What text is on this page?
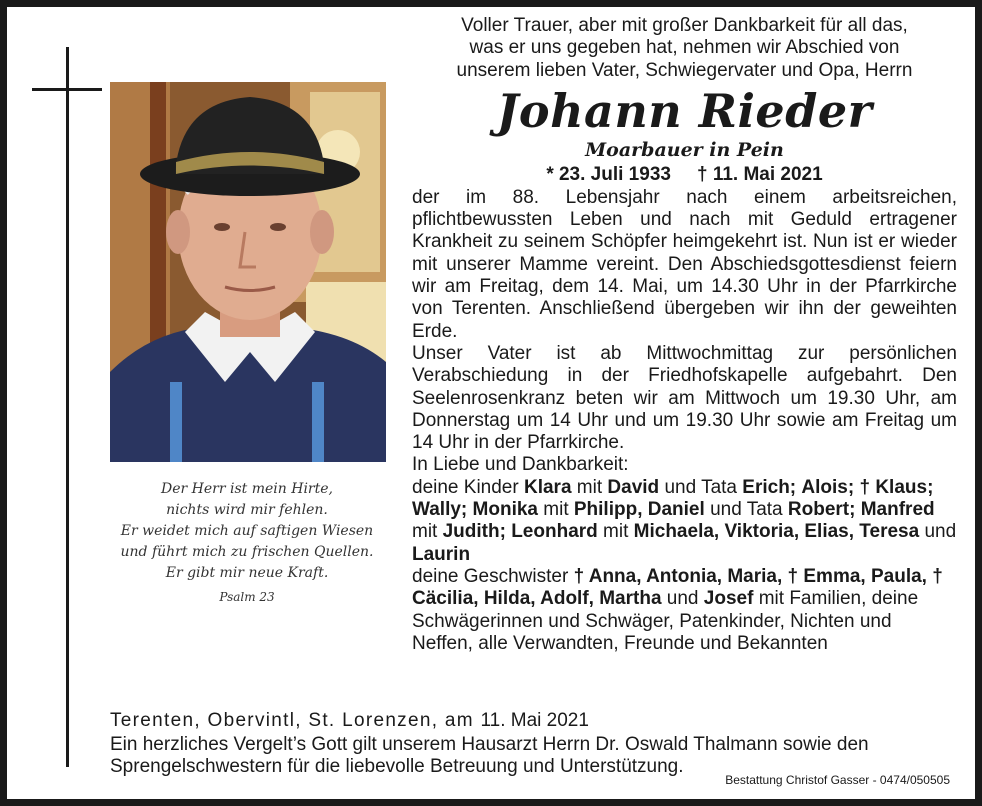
Der Herr ist mein Hirte,
nichts wird mir fehlen.
Er weidet mich auf saftigen Wiesen
und führt mich zu frischen Quellen.
Er gibt mir neue Kraft.
Psalm 23

Voller Trauer, aber mit großer Dankbarkeit für all das,

was er uns gegeben hat, nehmen wir Abschied von

unserem lieben Vater, Schwiegervater und Opa, Herrn

Johann Rieder
Moarbauer in Pein
* 23. Juli 1933 † 11. Mai 2021

der im 88. Lebensjahr nach einem arbeitsreichen, pflichtbewussten Leben und nach mit Geduld ertragener Krankheit zu seinem Schöpfer heimgekehrt ist. Nun ist er wieder mit unserer Mamme vereint. Den Abschiedsgottesdienst feiern wir am Freitag, dem 14. Mai, um 14.30 Uhr in der Pfarrkirche von Terenten. Anschließend übergeben wir ihn der geweihten Erde.

Unser Vater ist ab Mittwochmittag zur persönlichen Verabschiedung in der Friedhofskapelle aufgebahrt. Den Seelenrosenkranz beten wir am Mittwoch um 19.30 Uhr, am Donnerstag um 14 Uhr und um 19.30 Uhr sowie am Freitag um 14 Uhr in der Pfarrkirche.

In Liebe und Dankbarkeit:

deine Kinder Klara mit David und Tata Erich; Alois; † Klaus; Wally; Monika mit Philipp, Daniel und Tata Robert; Manfred mit Judith; Leonhard mit Michaela, Viktoria, Elias, Teresa und Laurin
deine Geschwister † Anna, Antonia, Maria, † Emma, Paula, † Cäcilia, Hilda, Adolf, Martha und Josef mit Familien, deine Schwägerinnen und Schwäger, Patenkinder, Nichten und Neffen, alle Verwandten, Freunde und Bekannten

Terenten, Obervintl, St. Lorenzen, am 11. Mai 2021
Ein herzliches Vergelt’s Gott gilt unserem Hausarzt Herrn Dr. Oswald Thalmann sowie den Sprengelschwestern für die liebevolle Betreuung und Unterstützung.
Bestattung Christof Gasser - 0474/050505
